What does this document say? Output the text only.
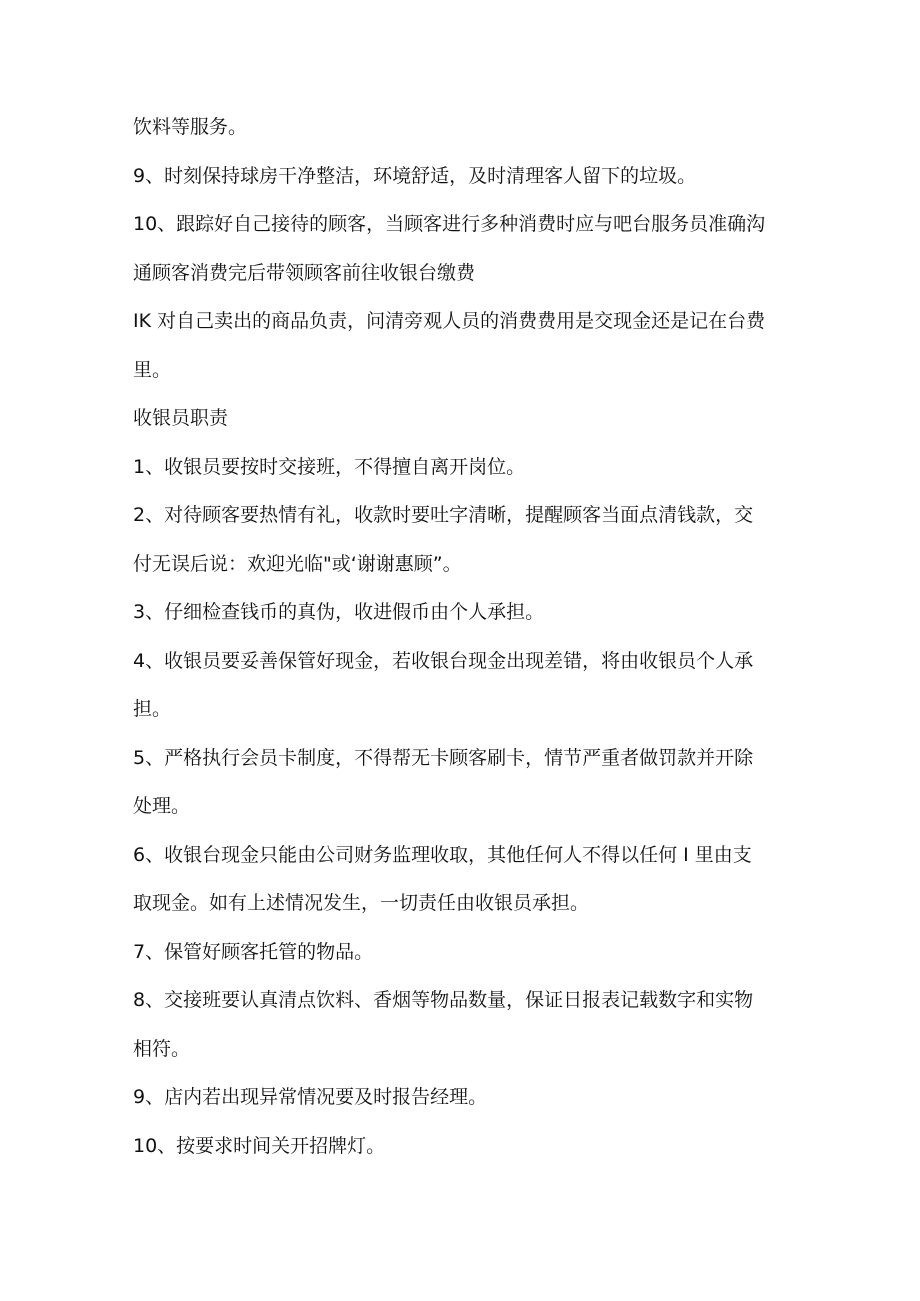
饮料等服务。
9、时刻保持球房干净整洁，环境舒适，及时清理客人留下的垃圾。
10、跟踪好自己接待的顾客，当顾客进行多种消费时应与吧台服务员准确沟
通顾客消费完后带领顾客前往收银台缴费
IK 对自己卖出的商品负责，问清旁观人员的消费费用是交现金还是记在台费
里。
收银员职责
1、收银员要按时交接班，不得擅自离开岗位。
2、对待顾客要热情有礼，收款时要吐字清晰，提醒顾客当面点清钱款，交
付无误后说：欢迎光临"或‘谢谢惠顾”。
3、仔细检查钱币的真伪，收进假币由个人承担。
4、收银员要妥善保管好现金，若收银台现金出现差错，将由收银员个人承
担。
5、严格执行会员卡制度，不得帮无卡顾客刷卡，情节严重者做罚款并开除
处理。
6、收银台现金只能由公司财务监理收取，其他任何人不得以任何 I 里由支
取现金。如有上述情况发生，一切责任由收银员承担。
7、保管好顾客托管的物品。
8、交接班要认真清点饮料、香烟等物品数量，保证日报表记载数字和实物
相符。
9、店内若出现异常情况要及时报告经理。
10、按要求时间关开招牌灯。
